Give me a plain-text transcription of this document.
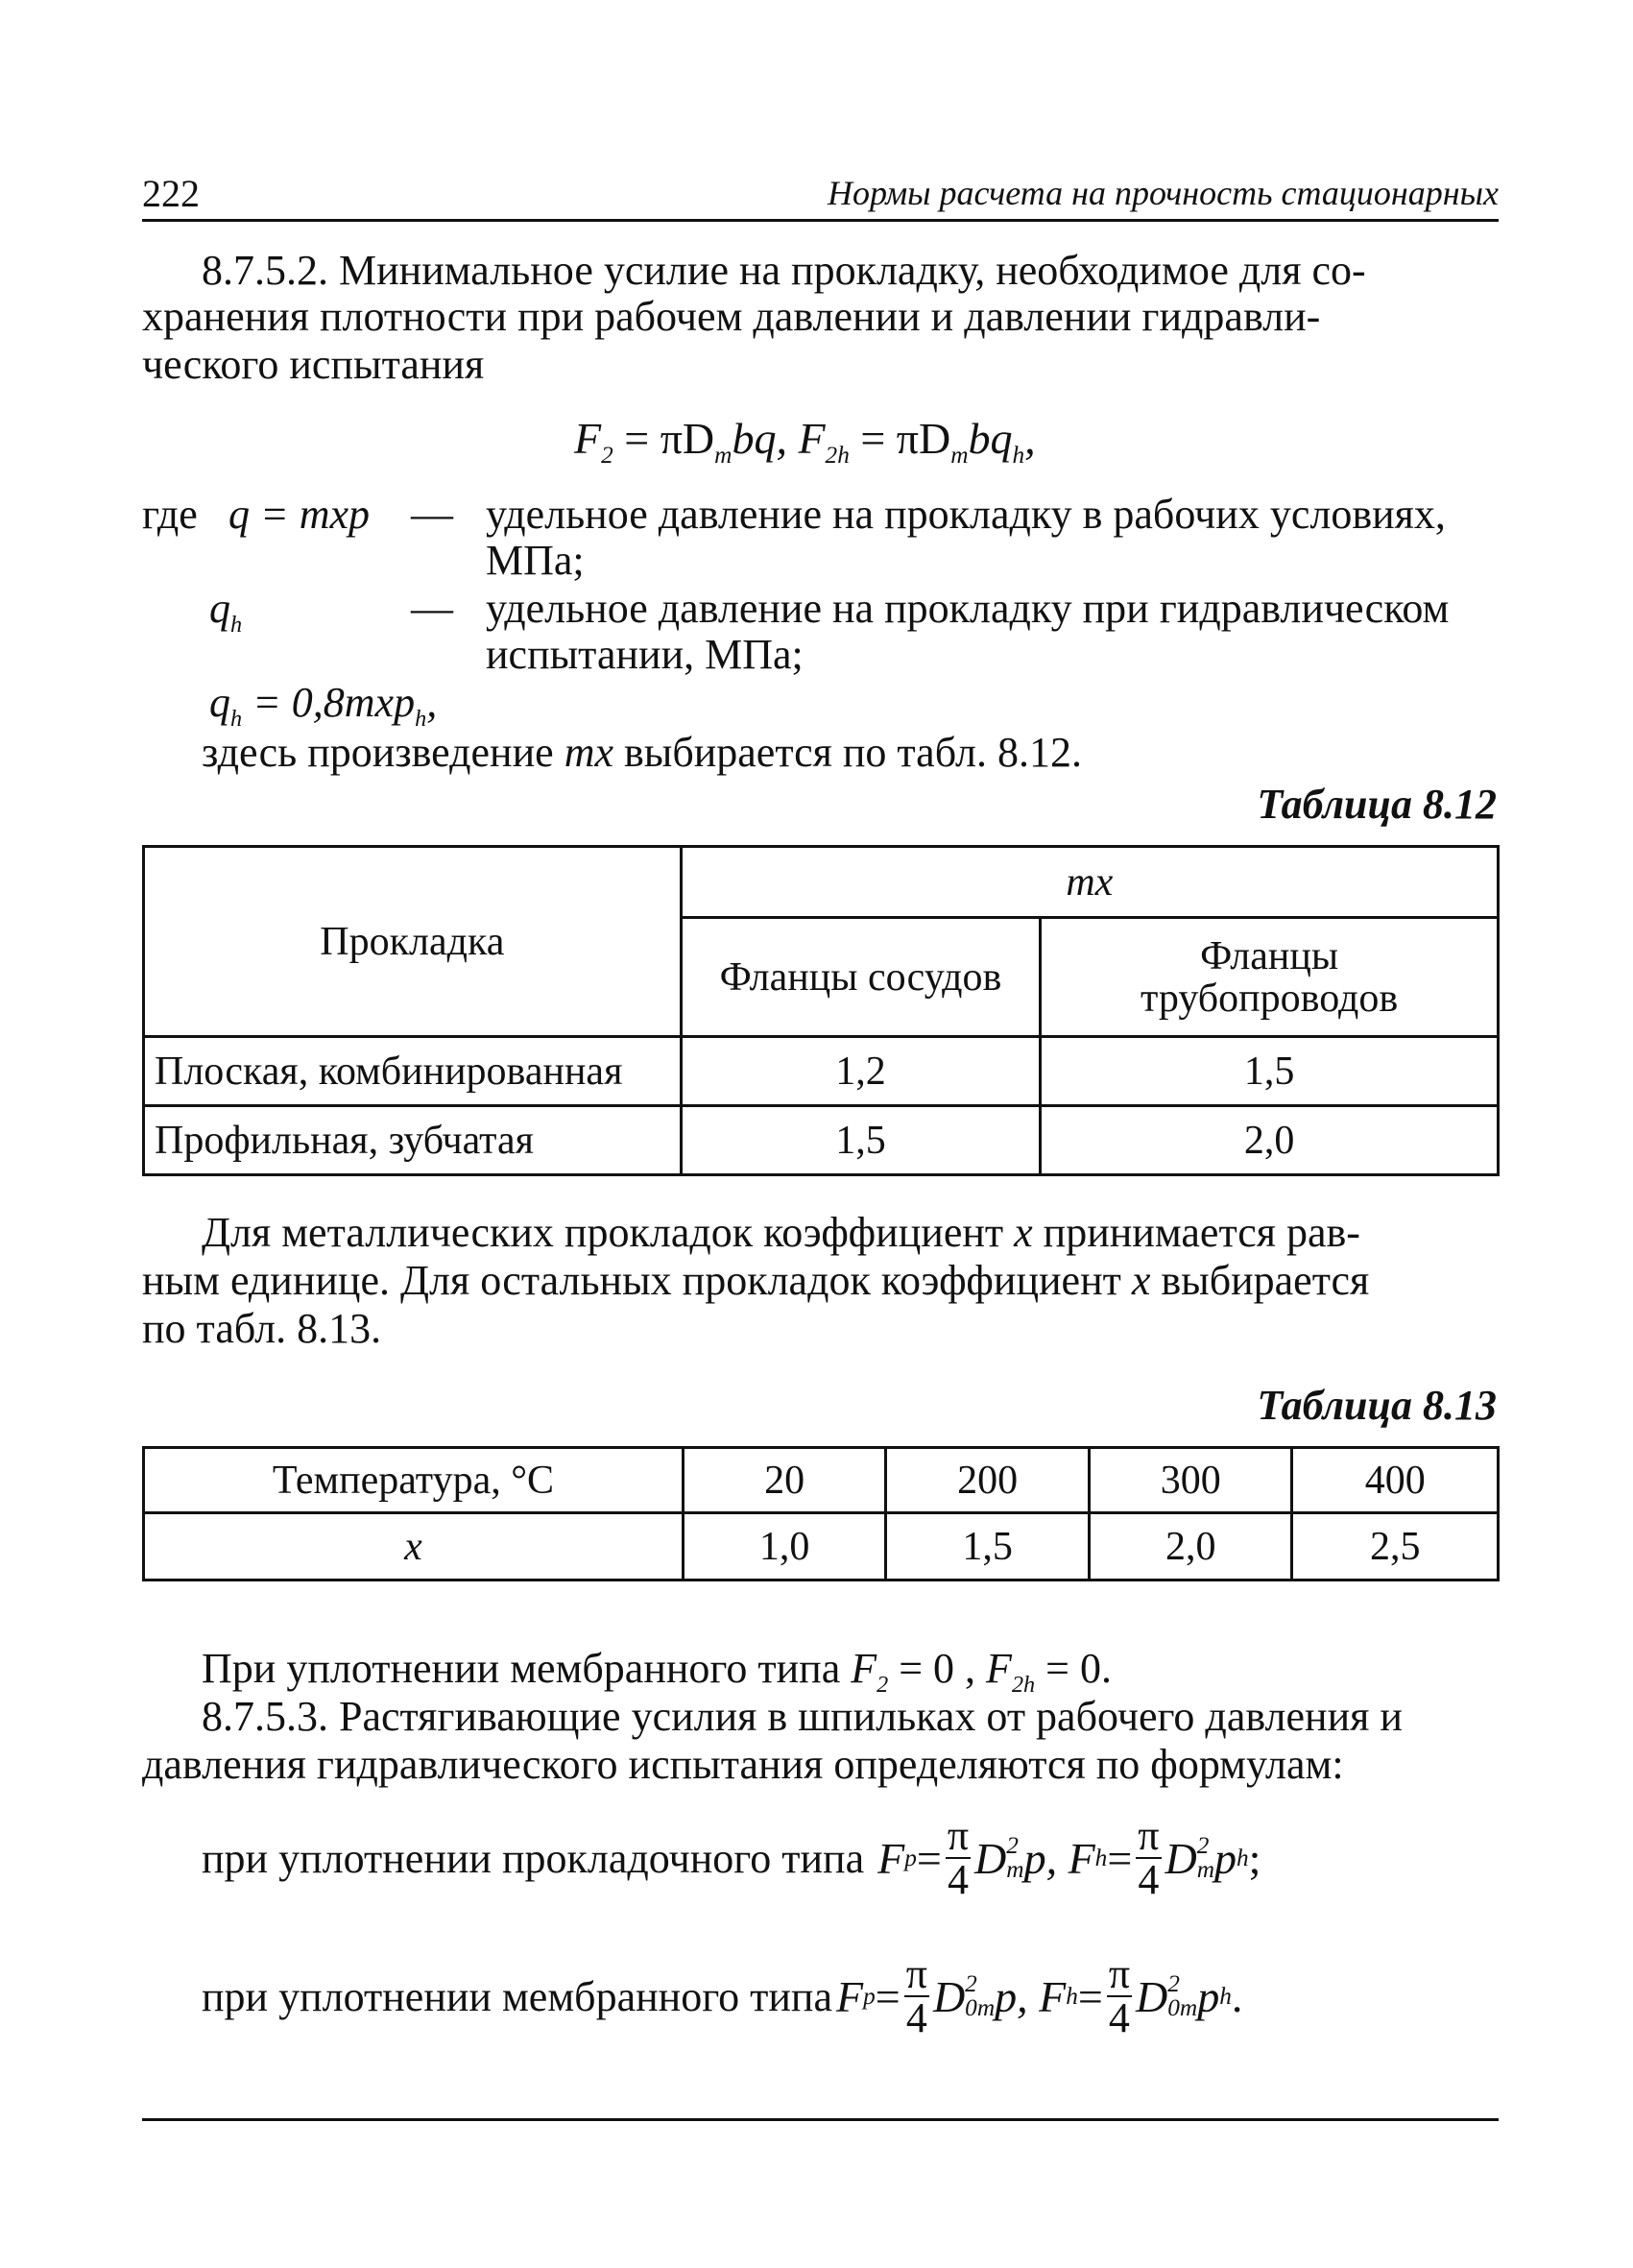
222	Нормы расчета на прочность стационарных
8.7.5.2. Минимальное усилие на прокладку, необходимое для со-
хранения плотности при рабочем давлении и давлении гидравли-
ческого испытания
$F_2 = \pi D_mbq$, $F_{2h} = \pi D_mbq_h$,
где q = mxp — удельное давление на прокладку в рабочих условиях,
МПа;
$q_h$	— удельное давление на прокладку при гидравлическом
испытании, МПа;
$q_h = 0,8mxp_h$,
здесь произведение mx выбирается по табл. 8.12.
Таблица 8.12
Прокладка	mx	
	Фланцы сосудов	Фланцы
трубопроводов
Плоская, комбинированная	1,2	1,5
Профильная, зубчатая	1,5	2,0
Для металлических прокладок коэффициент x принимается рав-
ным единице. Для остальных прокладок коэффициент x выбирается
по табл. 8.13.
Таблица 8.13
Температура, °С	20	200	300	400
x	1,0	1,5	2,0	2,5
При уплотнении мембранного типа $F_2 = 0$ , $F_{2h} = 0$.
8.7.5.3. Растягивающие усилия в шпильках от рабочего давления и
давления гидравлического испытания определяются по формулам:
при уплотнении прокладочного типа F $p = \frac{\pi}{4}$ D 2
m p,
F $h = \frac{\pi}{4}$ D 2
m p h ;
при уплотнении мембранного типа F $p = \frac{\pi}{4}$ D 2
0m p,
F $h = \frac{\pi}{4}$ D 2
0m p h .
